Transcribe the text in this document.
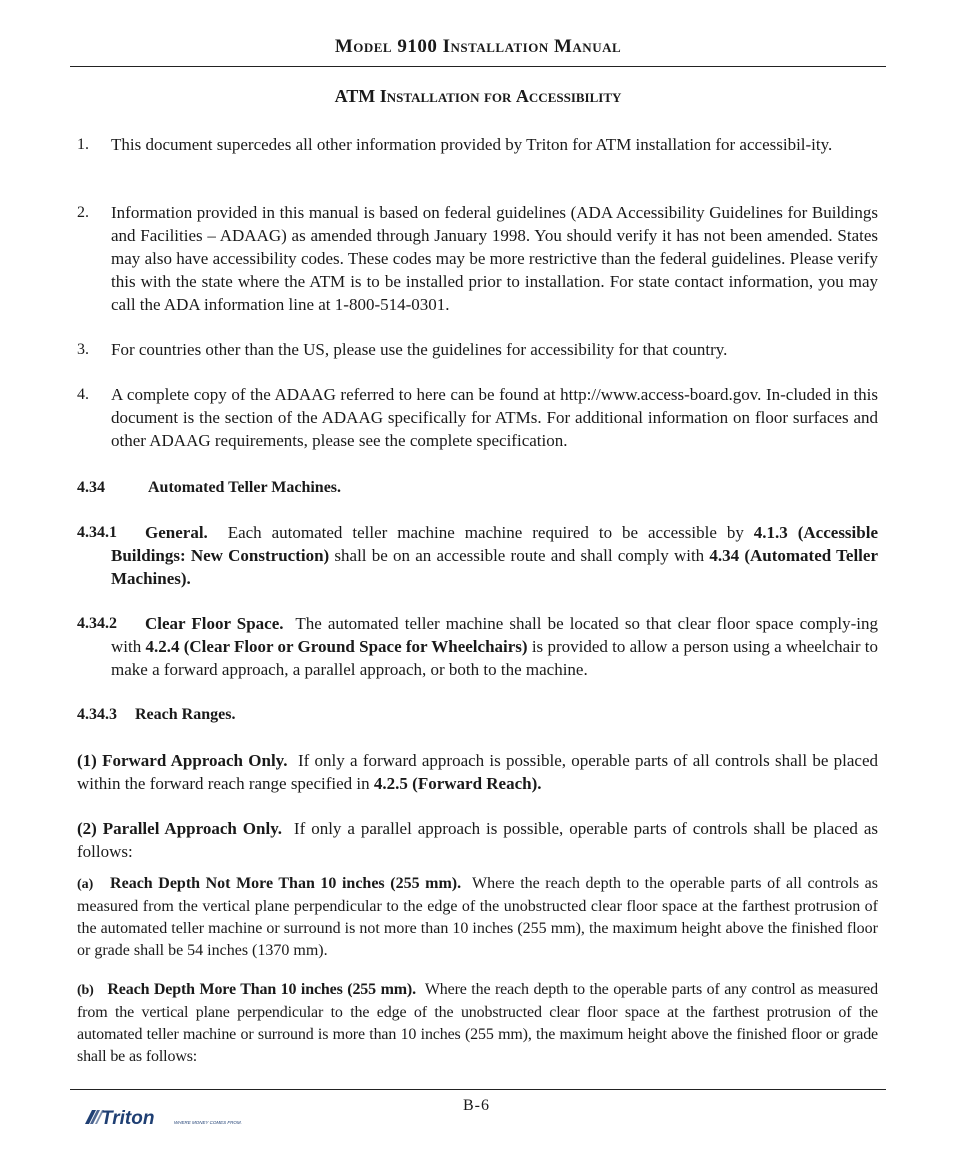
Model 9100 Installation Manual
ATM Installation for Accessibility
1. This document supercedes all other information provided by Triton for ATM installation for accessibil-ity.
2. Information provided in this manual is based on federal guidelines (ADA Accessibility Guidelines for Buildings and Facilities – ADAAG) as amended through January 1998. You should verify it has not been amended. States may also have accessibility codes. These codes may be more restrictive than the federal guidelines. Please verify this with the state where the ATM is to be installed prior to installation. For state contact information, you may call the ADA information line at 1-800-514-0301.
3. For countries other than the US, please use the guidelines for accessibility for that country.
4. A complete copy of the ADAAG referred to here can be found at http://www.access-board.gov. In-cluded in this document is the section of the ADAAG specifically for ATMs. For additional information on floor surfaces and other ADAAG requirements, please see the complete specification.
4.34	Automated Teller Machines.
4.34.1	General. Each automated teller machine machine required to be accessible by 4.1.3 (Accessible Buildings: New Construction) shall be on an accessible route and shall comply with 4.34 (Automated Teller Machines).
4.34.2	Clear Floor Space. The automated teller machine shall be located so that clear floor space comply-ing with 4.2.4 (Clear Floor or Ground Space for Wheelchairs) is provided to allow a person using a wheelchair to make a forward approach, a parallel approach, or both to the machine.
4.34.3 Reach Ranges.
(1) Forward Approach Only. If only a forward approach is possible, operable parts of all controls shall be placed within the forward reach range specified in 4.2.5 (Forward Reach).
(2) Parallel Approach Only. If only a parallel approach is possible, operable parts of controls shall be placed as follows:
(a) Reach Depth Not More Than 10 inches (255 mm). Where the reach depth to the operable parts of all controls as measured from the vertical plane perpendicular to the edge of the unobstructed clear floor space at the farthest protrusion of the automated teller machine or surround is not more than 10 inches (255 mm), the maximum height above the finished floor or grade shall be 54 inches (1370 mm).
(b) Reach Depth More Than 10 inches (255 mm). Where the reach depth to the operable parts of any control as measured from the vertical plane perpendicular to the edge of the unobstructed clear floor space at the farthest protrusion of the automated teller machine or surround is more than 10 inches (255 mm), the maximum height above the finished floor or grade shall be as follows:
B-6
Triton	WHERE MONEY COMES FROM.
